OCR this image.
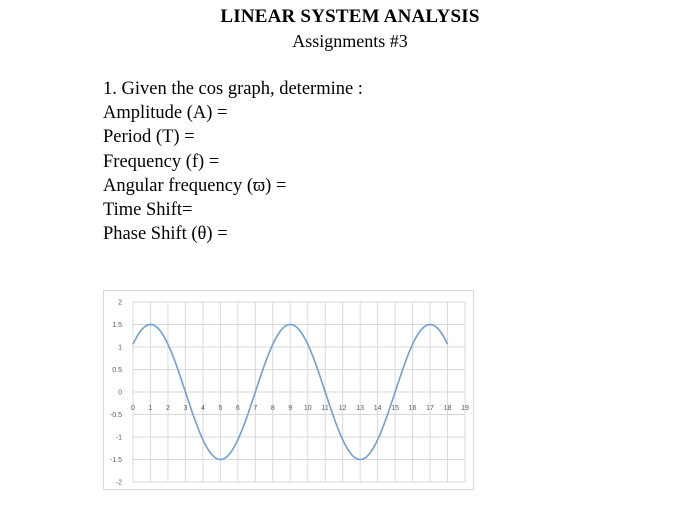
LINEAR SYSTEM ANALYSIS
Assignments #3
1. Given the cos graph, determine :
Amplitude (A) =
Period (T) =
Frequency (f) =
Angular frequency (ϖ) =
Time Shift=
Phase Shift (θ) =
2
1.5
1
0.5
0
-0.5
-1
-1.5
-2
0 1 2 3 4 5 6 7 8 9 10 11 12 13 14 15 16 17 18 19
